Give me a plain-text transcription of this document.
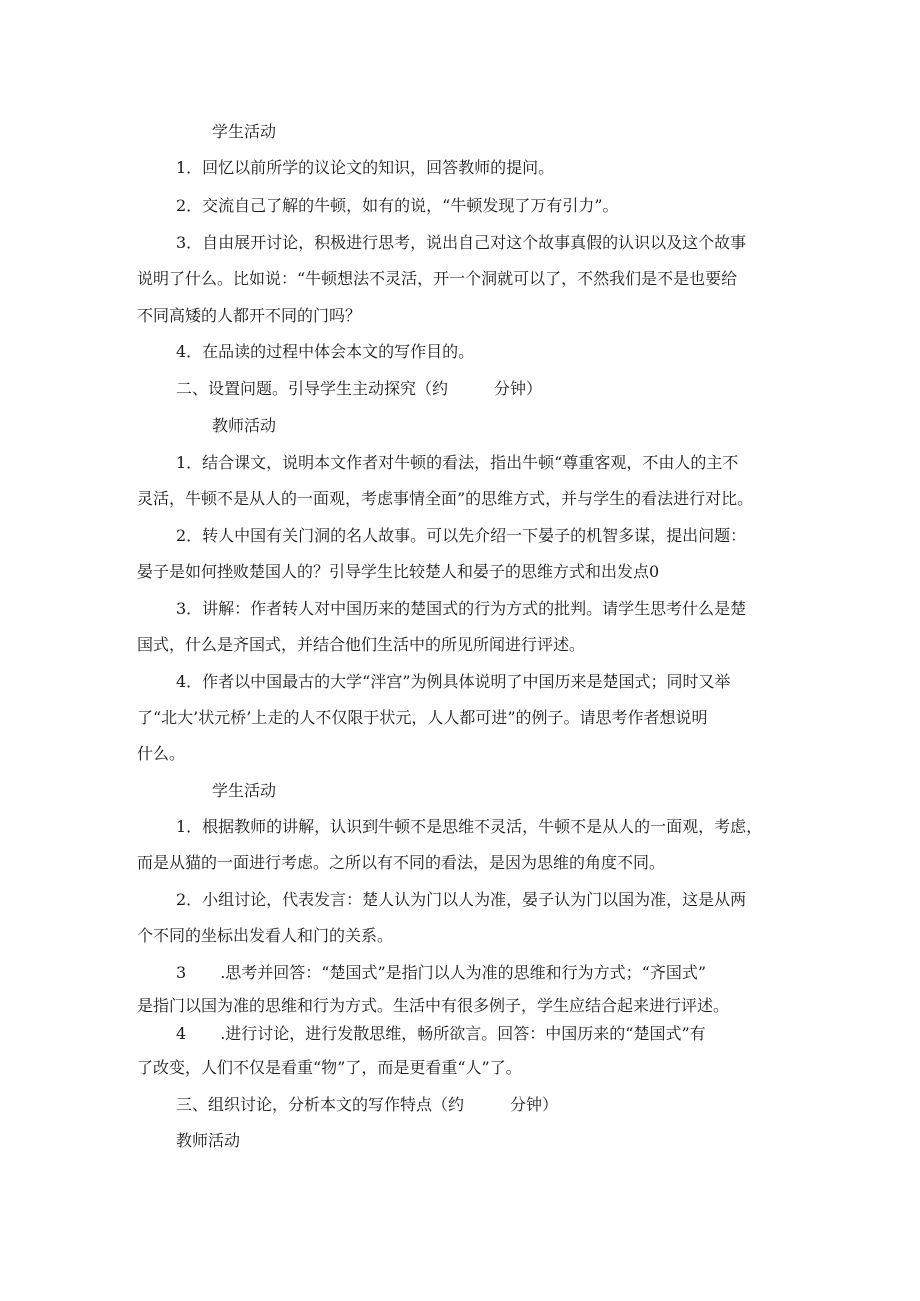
学生活动
1．回忆以前所学的议论文的知识，回答教师的提问。
2．交流自己了解的牛顿，如有的说，“牛顿发现了万有引力”。
3．自由展开讨论，积极进行思考，说出自己对这个故事真假的认识以及这个故事
说明了什么。比如说：“牛顿想法不灵活，开一个洞就可以了，不然我们是不是也要给
不同高矮的人都开不同的门吗？
4．在品读的过程中体会本文的写作目的。
二、设置问题。引导学生主动探究（约	分钟）
教师活动
1．结合课文，说明本文作者对牛顿的看法，指出牛顿“尊重客观，不由人的主不
灵活，牛顿不是从人的一面观，考虑事情全面”的思维方式，并与学生的看法进行对比。
2．转人中国有关门洞的名人故事。可以先介绍一下晏子的机智多谋，提出问题：
晏子是如何挫败楚国人的？引导学生比较楚人和晏子的思维方式和出发点0
3．讲解：作者转人对中国历来的楚国式的行为方式的批判。请学生思考什么是楚
国式，什么是齐国式，并结合他们生活中的所见所闻进行评述。
4．作者以中国最古的大学“泮宫”为例具体说明了中国历来是楚国式；同时又举
了“北大’状元桥’上走的人不仅限于状元，人人都可进”的例子。请思考作者想说明
什么。
学生活动
1．根据教师的讲解，认识到牛顿不是思维不灵活，牛顿不是从人的一面观，考虑，
而是从猫的一面进行考虑。之所以有不同的看法，是因为思维的角度不同。
2．小组讨论，代表发言：楚人认为门以人为准，晏子认为门以国为准，这是从两
个不同的坐标出发看人和门的关系。
3 .思考并回答：“楚国式”是指门以人为准的思维和行为方式；“齐国式”
是指门以国为准的思维和行为方式。生活中有很多例子，学生应结合起来进行评述。
4 .进行讨论，进行发散思维，畅所欲言。回答：中国历来的“楚国式”有
了改变，人们不仅是看重“物”了，而是更看重“人”了。
三、组织讨论，分析本文的写作特点（约	分钟）
教师活动
